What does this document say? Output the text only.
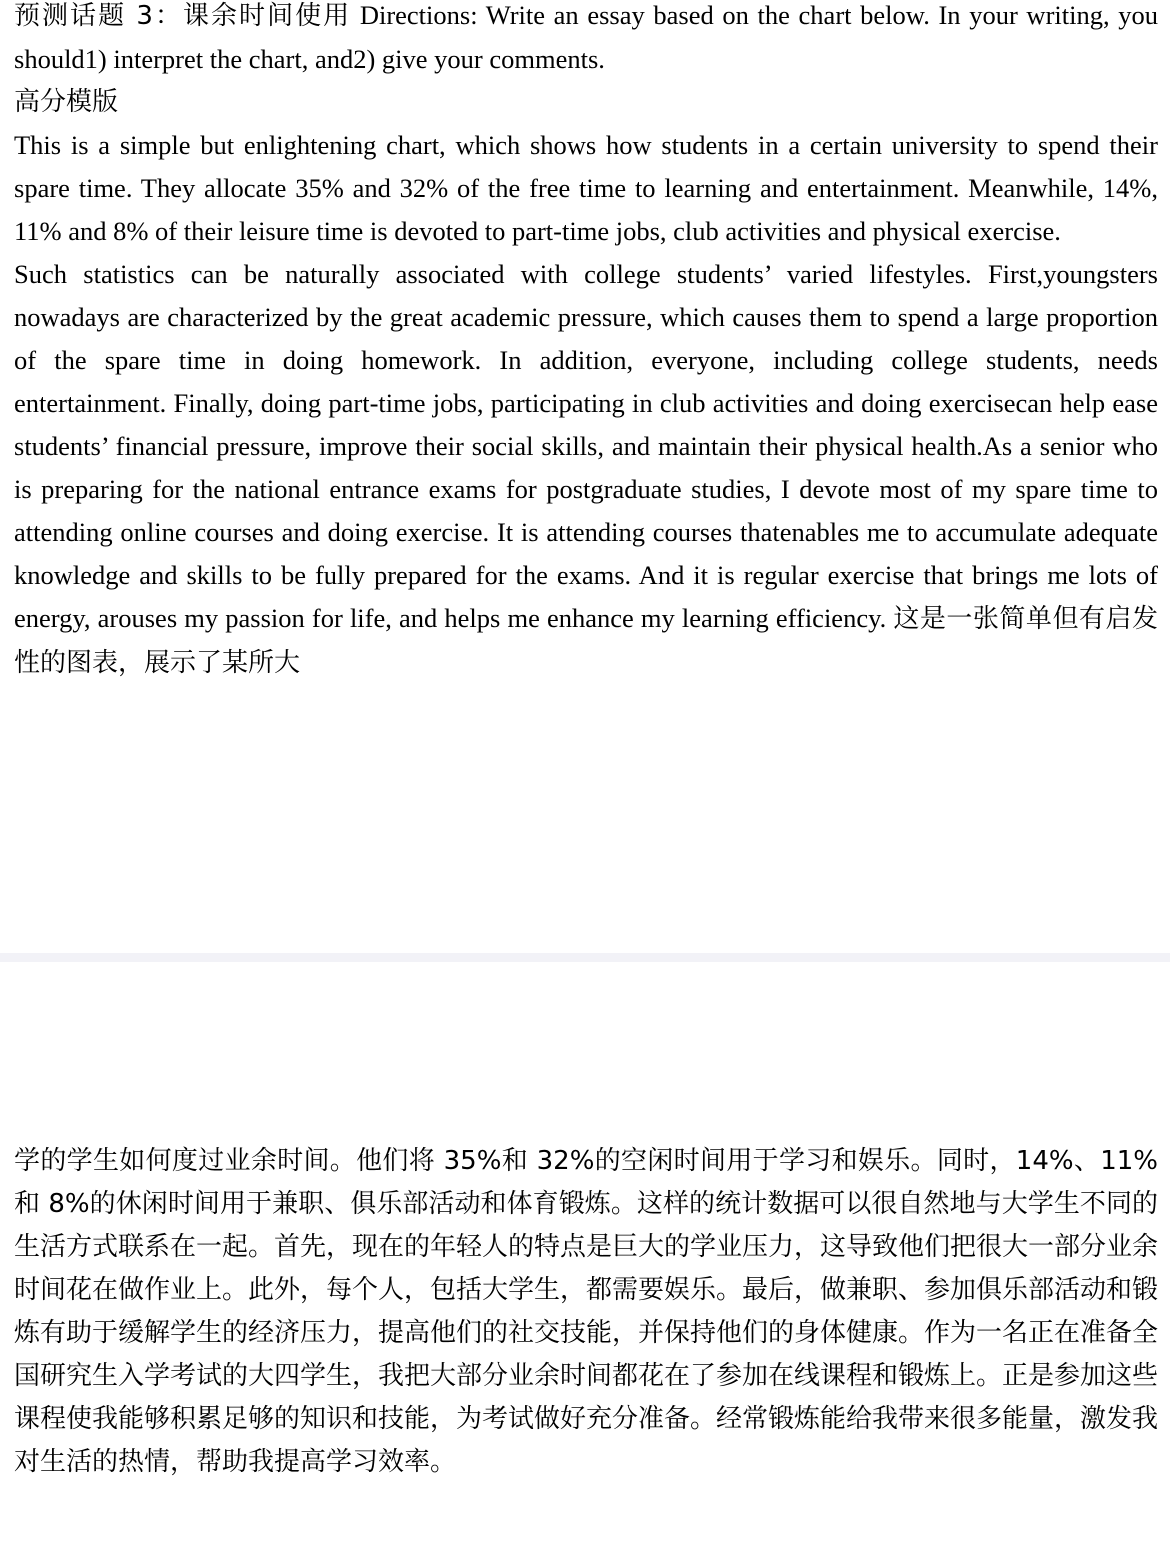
预测话题 3：课余时间使用 Directions: Write an essay based on the chart below. In your writing, you should1) interpret the chart, and2) give your comments.

高分模版

This is a simple but enlightening chart, which shows how students in a certain university to spend their spare time. They allocate 35% and 32% of the free time to learning and entertainment. Meanwhile, 14%, 11% and 8% of their leisure time is devoted to part-time jobs, club activities and physical exercise.

Such statistics can be naturally associated with college students’ varied lifestyles. First,youngsters nowadays are characterized by the great academic pressure, which causes them to spend a large proportion of the spare time in doing homework. In addition, everyone, including college students, needs entertainment. Finally, doing part-time jobs, participating in club activities and doing exercisecan help ease students’ financial pressure, improve their social skills, and maintain their physical health.As a senior who is preparing for the national entrance exams for postgraduate studies, I devote most of my spare time to attending online courses and doing exercise. It is attending courses thatenables me to accumulate adequate knowledge and skills to be fully prepared for the exams. And it is regular exercise that brings me lots of energy, arouses my passion for life, and helps me enhance my learning efficiency. 这是一张简单但有启发性的图表，展示了某所大

学的学生如何度过业余时间。他们将 35%和 32%的空闲时间用于学习和娱乐。同时，14%、11%和 8%的休闲时间用于兼职、俱乐部活动和体育锻炼。这样的统计数据可以很自然地与大学生不同的生活方式联系在一起。首先，现在的年轻人的特点是巨大的学业压力，这导致他们把很大一部分业余时间花在做作业上。此外，每个人，包括大学生，都需要娱乐。最后，做兼职、参加俱乐部活动和锻炼有助于缓解学生的经济压力，提高他们的社交技能，并保持他们的身体健康。作为一名正在准备全国研究生入学考试的大四学生，我把大部分业余时间都花在了参加在线课程和锻炼上。正是参加这些课程使我能够积累足够的知识和技能，为考试做好充分准备。经常锻炼能给我带来很多能量，激发我对生活的热情，帮助我提高学习效率。
